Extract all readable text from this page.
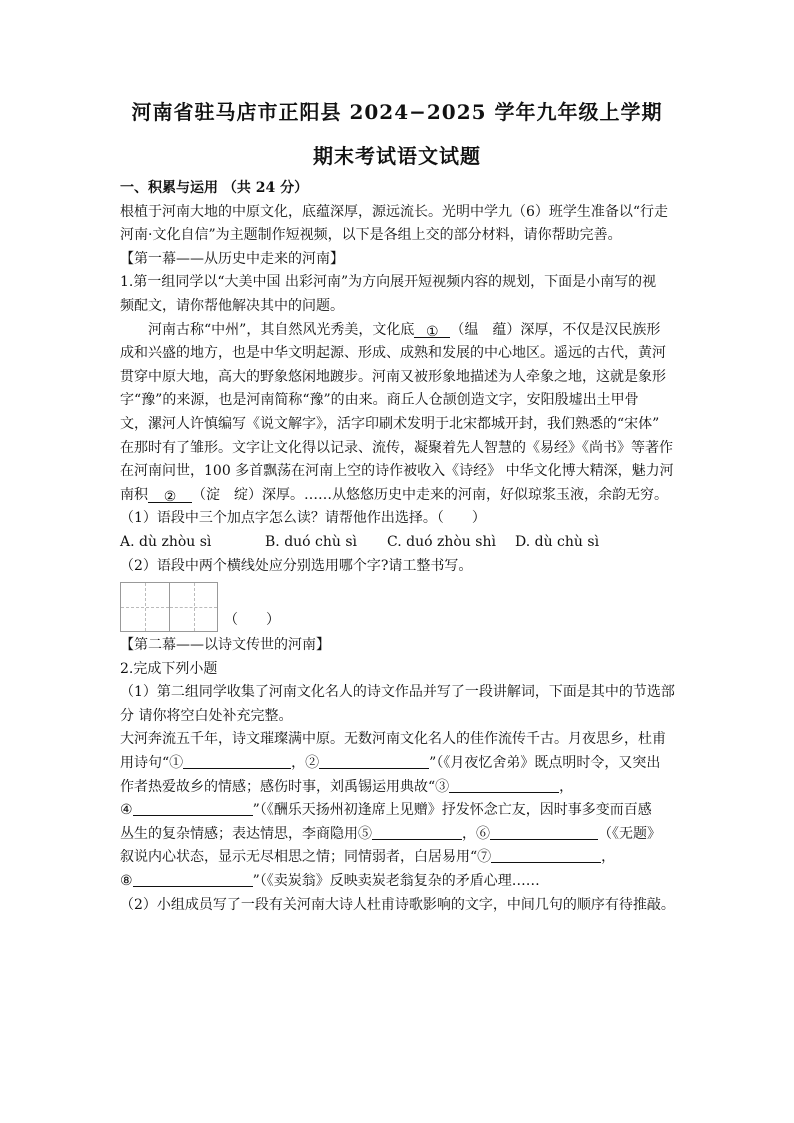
河南省驻马店市正阳县 2024−2025 学年九年级上学期
期末考试语文试题
一、积累与运用 （共 24 分）
根植于河南大地的中原文化，底蕴深厚，源远流长。光明中学九（6）班学生准备以“行走
河南·文化自信”为主题制作短视频，以下是各组上交的部分材料，请你帮助完善。
【第一幕——从历史中走来的河南】
1.第一组同学以“大美中国 出彩河南”为方向展开短视频内容的规划，下面是小南写的视
频配文，请你帮他解决其中的问题。
河南古称“中州”，其自然风光秀美，文化底 ① （缊　蕴）深厚，不仅是汉民族形
成和兴盛的地方，也是中华文明起源、形成、成熟和发展的中心地区。遥远的古代，黄河
贯穿中原大地，高大的野象悠闲地踱步。河南又被形象地描述为人牵象之地，这就是象形
字“豫”的来源，也是河南简称“豫”的由来。商丘人仓颉创造文字，安阳殷墟出土甲骨
文，漯河人许慎编写《说文解字》，活字印刷术发明于北宋都城开封，我们熟悉的“宋体”
在那时有了雏形。文字让文化得以记录、流传，凝聚着先人智慧的《易经》《尚书》等著作
在河南问世，100 多首飘荡在河南上空的诗作被收入《诗经》 中华文化博大精深，魅力河
南积 ② （淀　绽）深厚。……从悠悠历史中走来的河南，好似琼浆玉液，余韵无穷。
（1）语段中三个加点字怎么读？请帮他作出选择。（　　）
A. dù zhòu sì	B. duó chù sì	C. duó zhòu shì	D. dù chù sì
（2）语段中两个横线处应分别选用哪个字?请工整书写。
（　　）
【第二幕——以诗文传世的河南】
2.完成下列小题
（1）第二组同学收集了河南文化名人的诗文作品并写了一段讲解词，下面是其中的节选部
分 请你将空白处补充完整。
大河奔流五千年，诗文璀璨满中原。无数河南文化名人的佳作流传千古。月夜思乡，杜甫
用诗句“①	，②	”（《月夜忆舍弟》既点明时令，又突出
作者热爱故乡的情感；感伤时事，刘禹锡运用典故“③	，
④	”（《酬乐天扬州初逢席上见赠》抒发怀念亡友，因时事多变而百感
丛生的复杂情感；表达情思，李商隐用⑤	，⑥	（《无题》
叙说内心状态，显示无尽相思之情；同情弱者，白居易用“⑦	，
⑧	”（《卖炭翁》反映卖炭老翁复杂的矛盾心理……
（2）小组成员写了一段有关河南大诗人杜甫诗歌影响的文字，中间几句的顺序有待推敲。
